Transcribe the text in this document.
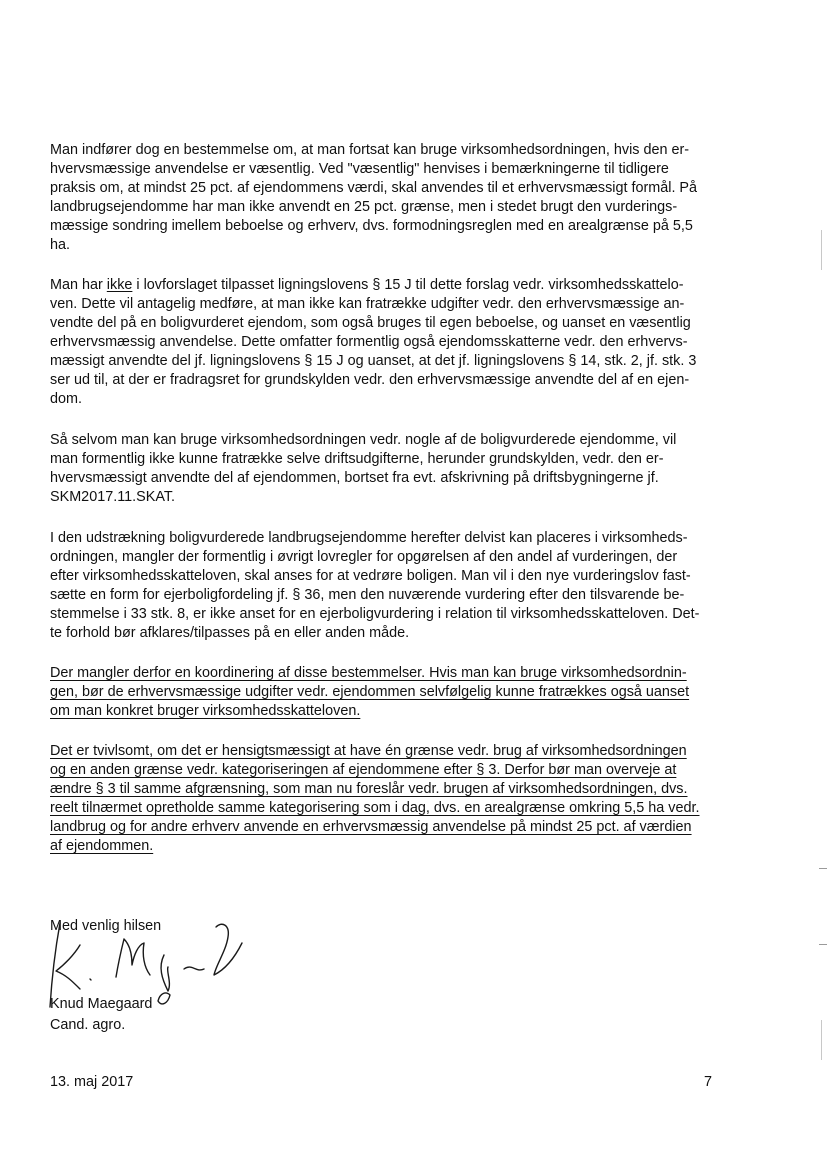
Man indfører dog en bestemmelse om, at man fortsat kan bruge virksomhedsordningen, hvis den er-
hvervsmæssige anvendelse er væsentlig. Ved "væsentlig" henvises i bemærkningerne til tidligere
praksis om, at mindst 25 pct. af ejendommens værdi, skal anvendes til et erhvervsmæssigt formål. På
landbrugsejendomme har man ikke anvendt en 25 pct. grænse, men i stedet brugt den vurderings-
mæssige sondring imellem beboelse og erhverv, dvs. formodningsreglen med en arealgrænse på 5,5
ha.

Man har ikke i lovforslaget tilpasset ligningslovens § 15 J til dette forslag vedr. virksomhedsskattelo-
ven. Dette vil antagelig medføre, at man ikke kan fratrække udgifter vedr. den erhvervsmæssige an-
vendte del på en boligvurderet ejendom, som også bruges til egen beboelse, og uanset en væsentlig
erhvervsmæssig anvendelse. Dette omfatter formentlig også ejendomsskatterne vedr. den erhvervs-
mæssigt anvendte del jf. ligningslovens § 15 J og uanset, at det jf. ligningslovens § 14, stk. 2, jf. stk. 3
ser ud til, at der er fradragsret for grundskylden vedr. den erhvervsmæssige anvendte del af en ejen-
dom.

Så selvom man kan bruge virksomhedsordningen vedr. nogle af de boligvurderede ejendomme, vil
man formentlig ikke kunne fratrække selve driftsudgifterne, herunder grundskylden, vedr. den er-
hvervsmæssigt anvendte del af ejendommen, bortset fra evt. afskrivning på driftsbygningerne jf.
SKM2017.11.SKAT.

I den udstrækning boligvurderede landbrugsejendomme herefter delvist kan placeres i virksomheds-
ordningen, mangler der formentlig i øvrigt lovregler for opgørelsen af den andel af vurderingen, der
efter virksomhedsskatteloven, skal anses for at vedrøre boligen. Man vil i den nye vurderingslov fast-
sætte en form for ejerboligfordeling jf. § 36, men den nuværende vurdering efter den tilsvarende be-
stemmelse i 33 stk. 8, er ikke anset for en ejerboligvurdering i relation til virksomhedsskatteloven. Det-
te forhold bør afklares/tilpasses på en eller anden måde.

Der mangler derfor en koordinering af disse bestemmelser. Hvis man kan bruge virksomhedsordnin-
gen, bør de erhvervsmæssige udgifter vedr. ejendommen selvfølgelig kunne fratrækkes også uanset
om man konkret bruger virksomhedsskatteloven.

Det er tvivlsomt, om det er hensigtsmæssigt at have én grænse vedr. brug af virksomhedsordningen
og en anden grænse vedr. kategoriseringen af ejendommene efter § 3. Derfor bør man overveje at
ændre § 3 til samme afgrænsning, som man nu foreslår vedr. brugen af virksomhedsordningen, dvs.
reelt tilnærmet opretholde samme kategorisering som i dag, dvs. en arealgrænse omkring 5,5 ha vedr.
landbrug og for andre erhverv anvende en erhvervsmæssig anvendelse på mindst 25 pct. af værdien
af ejendommen.

Med venlig hilsen
Knud Maegaard
Cand. agro.
13. maj 2017	7
